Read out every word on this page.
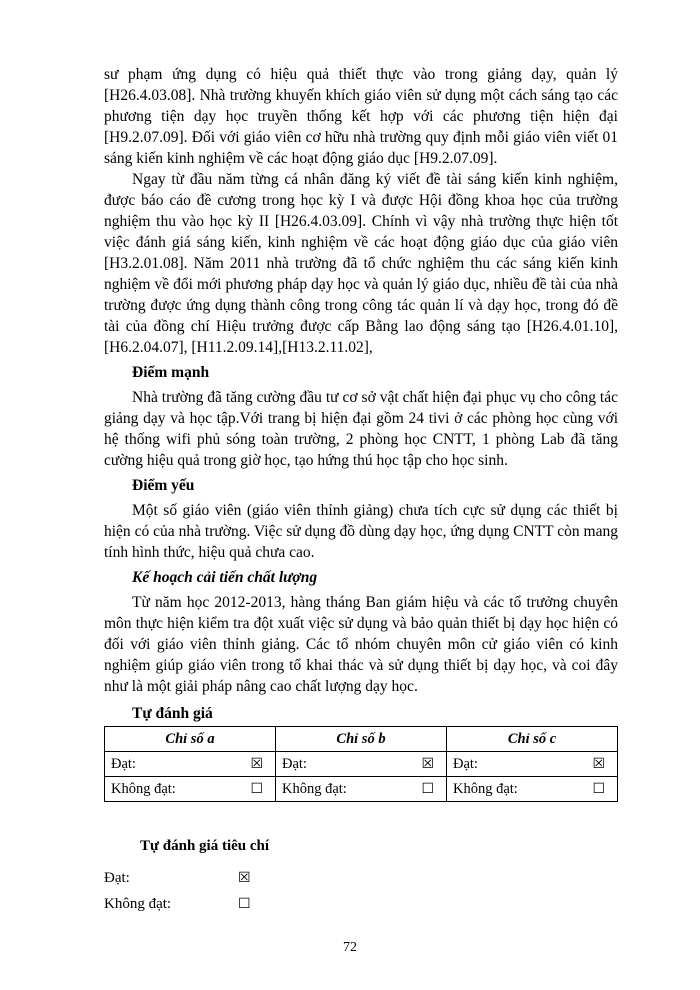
sư phạm ứng dụng có hiệu quả thiết thực vào trong giảng dạy, quản lý [H26.4.03.08]. Nhà trường khuyến khích giáo viên sử dụng một cách sáng tạo các phương tiện dạy học truyền thống kết hợp với các phương tiện hiện đại [H9.2.07.09]. Đối với giáo viên cơ hữu nhà trường quy định mỗi giáo viên viết 01 sáng kiến kinh nghiệm về các hoạt động giáo dục [H9.2.07.09].

Ngay từ đầu năm từng cá nhân đăng ký viết đề tài sáng kiến kinh nghiệm, được báo cáo đề cương trong học kỳ I và được Hội đồng khoa học của trường nghiệm thu vào học kỳ II [H26.4.03.09]. Chính vì vậy nhà trường thực hiện tốt việc đánh giá sáng kiến, kinh nghiệm về các hoạt động giáo dục của giáo viên [H3.2.01.08]. Năm 2011 nhà trường đã tổ chức nghiệm thu các sáng kiến kinh nghiệm về đổi mới phương pháp dạy học và quản lý giáo dục, nhiều đề tài của nhà trường được ứng dụng thành công trong công tác quản lí và dạy học, trong đó đề tài của đồng chí Hiệu trưởng được cấp Bằng lao động sáng tạo [H26.4.01.10], [H6.2.04.07], [H11.2.09.14],[H13.2.11.02],

Điểm mạnh

Nhà trường đã tăng cường đầu tư cơ sở vật chất hiện đại phục vụ cho công tác giảng dạy và học tập.Với trang bị hiện đại gồm 24 tivi ở các phòng học cùng với hệ thống wifi phủ sóng toàn trường, 2 phòng học CNTT, 1 phòng Lab đã tăng cường hiệu quả trong giờ học, tạo hứng thú học tập cho học sinh.

Điểm yếu

Một số giáo viên (giáo viên thỉnh giảng) chưa tích cực sử dụng các thiết bị hiện có của nhà trường. Việc sử dụng đồ dùng dạy học, ứng dụng CNTT còn mang tính hình thức, hiệu quả chưa cao.

Kế hoạch cải tiến chất lượng

Từ năm học 2012-2013, hàng tháng Ban giám hiệu và các tổ trưởng chuyên môn thực hiện kiểm tra đột xuất việc sử dụng và bảo quản thiết bị dạy học hiện có đối với giáo viên thỉnh giảng. Các tổ nhóm chuyên môn cử giáo viên có kinh nghiệm giúp giáo viên trong tổ khai thác và sử dụng thiết bị dạy học, và coi đây như là một giải pháp nâng cao chất lượng dạy học.

Tự đánh giá
Chỉ số a	Chỉ số b	Chỉ số c

Đạt: ☒	Đạt: ☒	Đạt: ☒

Không đạt: ☐	Không đạt: ☐	Không đạt: ☐
Tự đánh giá tiêu chí
Đạt:	☒
Không đạt:	☐
72
